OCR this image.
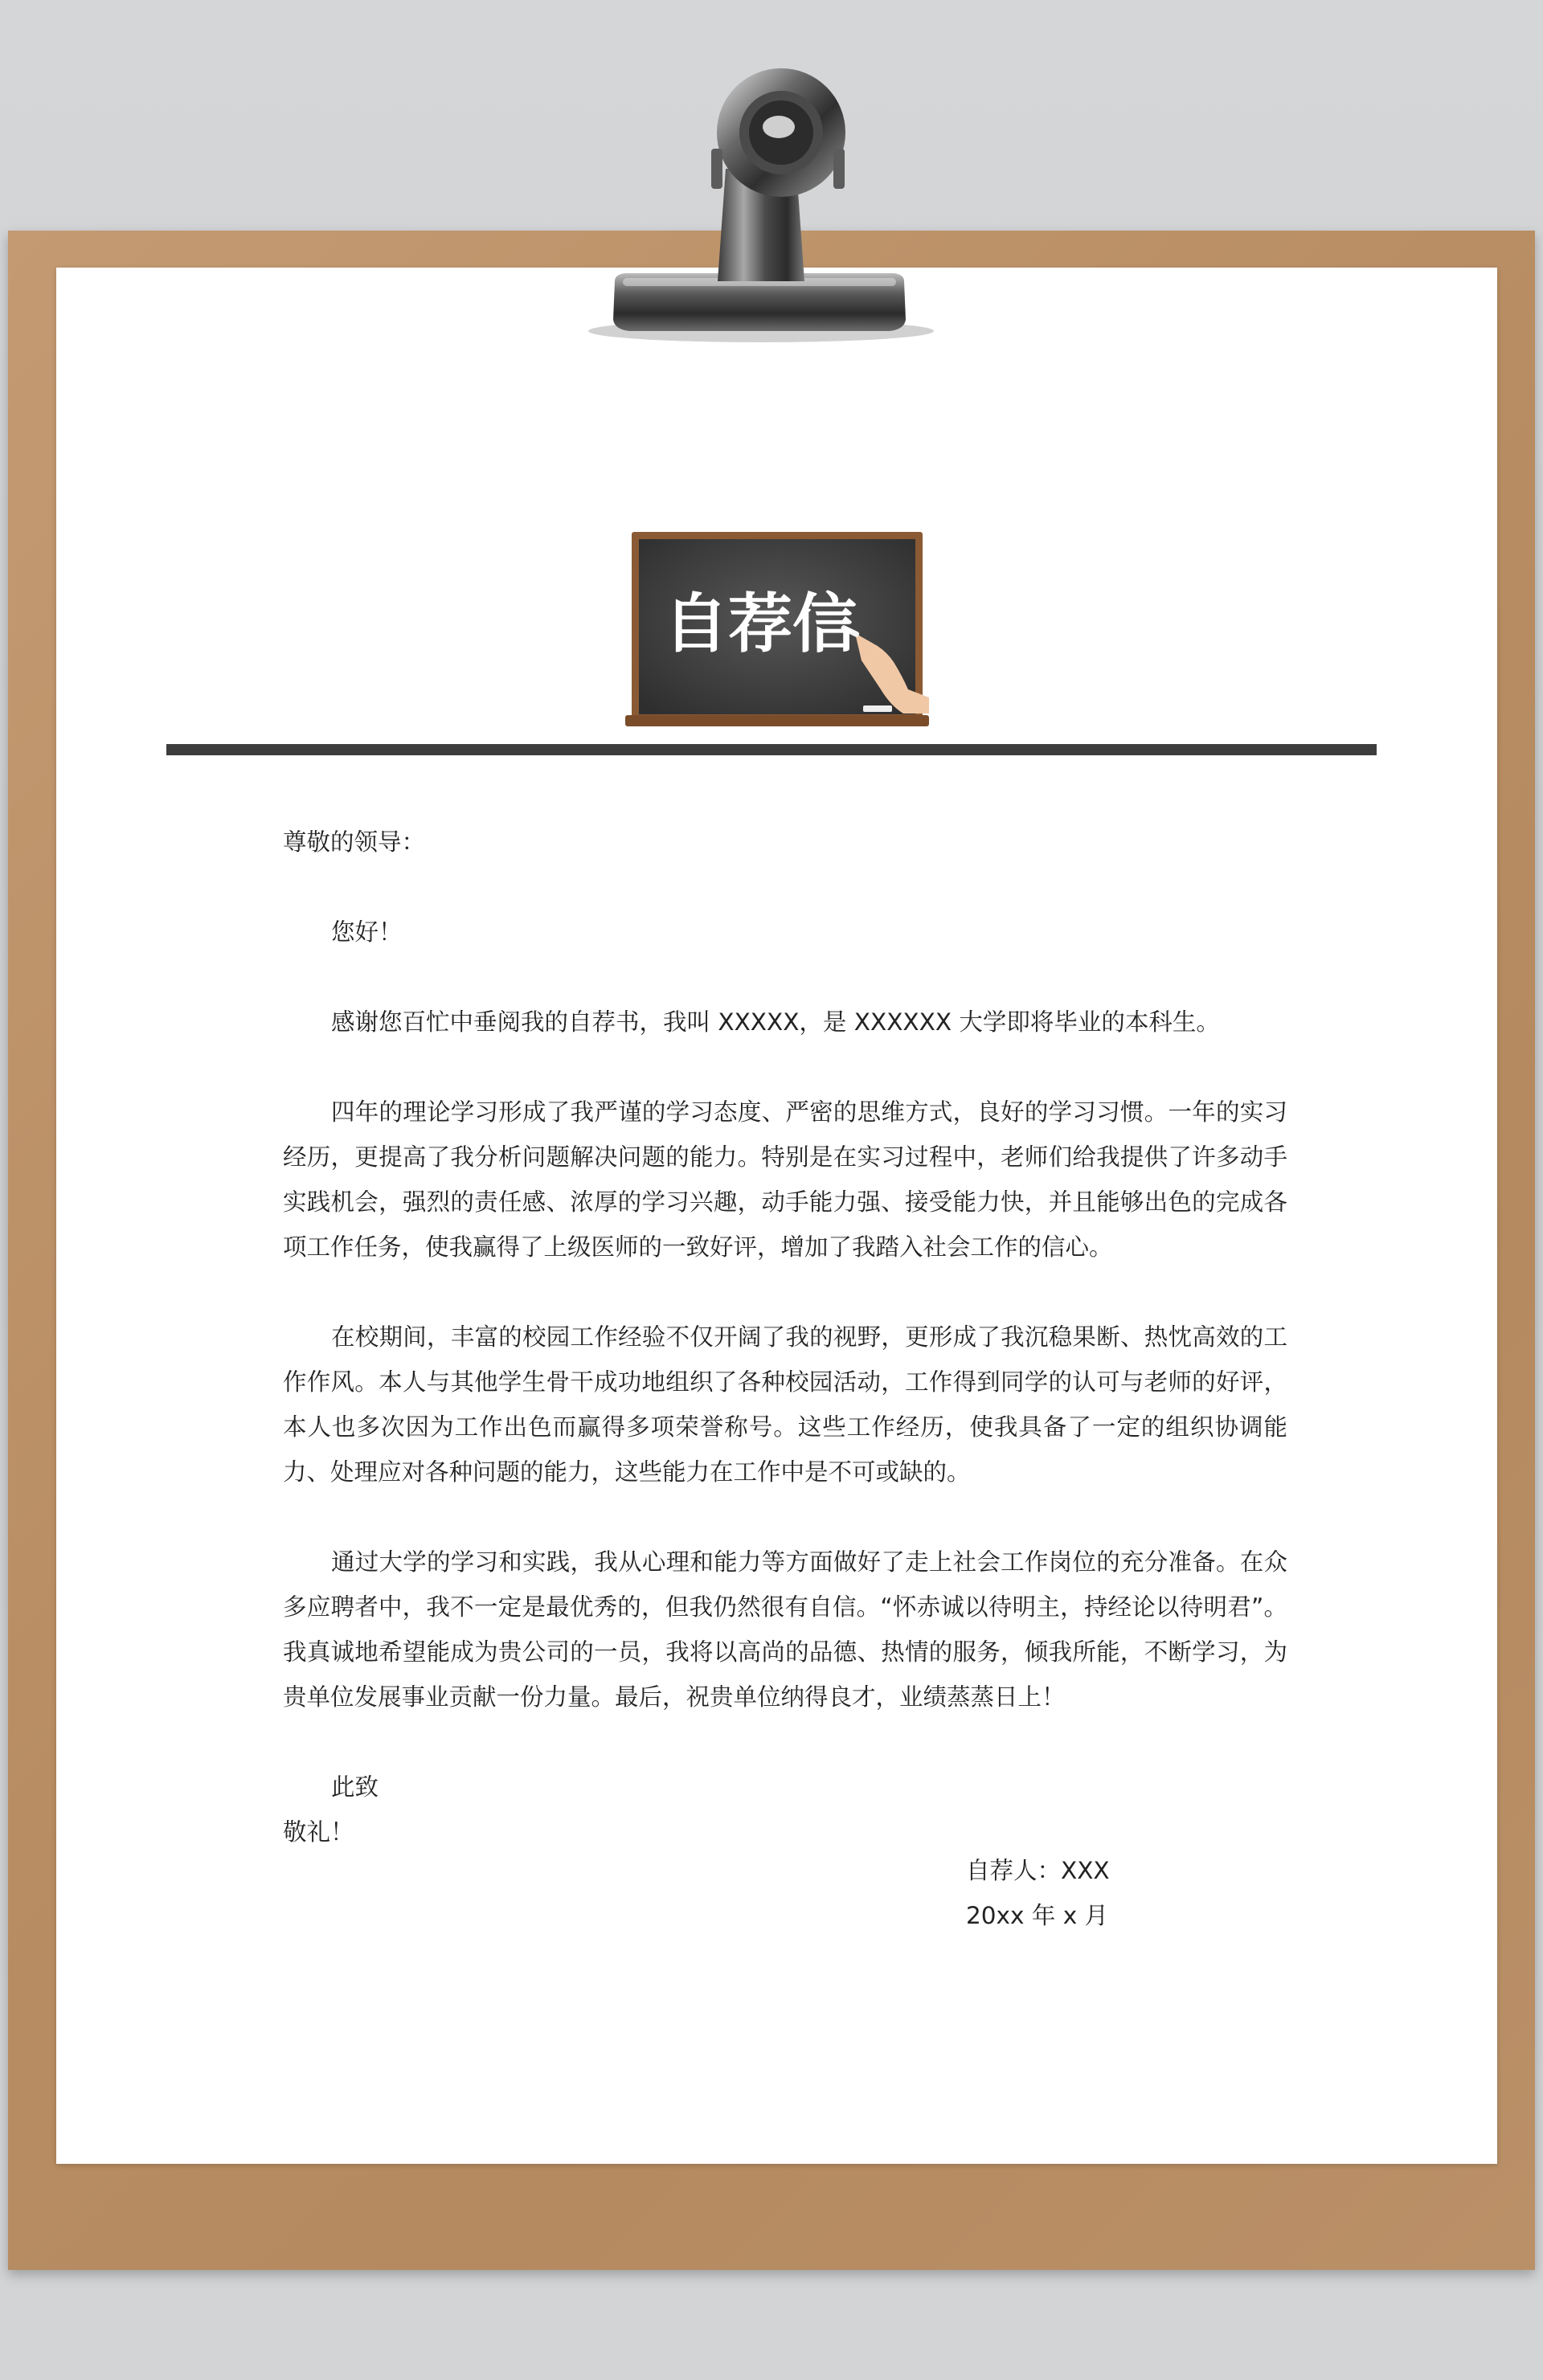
自荐信

尊敬的领导：

您好！

感谢您百忙中垂阅我的自荐书，我叫 XXXXX，是 XXXXXX 大学即将毕业的本科生。

四年的理论学习形成了我严谨的学习态度、严密的思维方式，良好的学习习惯。一年的实习经历，更提高了我分析问题解决问题的能力。特别是在实习过程中，老师们给我提供了许多动手实践机会，强烈的责任感、浓厚的学习兴趣，动手能力强、接受能力快，并且能够出色的完成各项工作任务，使我赢得了上级医师的一致好评，增加了我踏入社会工作的信心。

在校期间，丰富的校园工作经验不仅开阔了我的视野，更形成了我沉稳果断、热忱高效的工作作风。本人与其他学生骨干成功地组织了各种校园活动，工作得到同学的认可与老师的好评，本人也多次因为工作出色而赢得多项荣誉称号。这些工作经历，使我具备了一定的组织协调能力、处理应对各种问题的能力，这些能力在工作中是不可或缺的。

通过大学的学习和实践，我从心理和能力等方面做好了走上社会工作岗位的充分准备。在众多应聘者中，我不一定是最优秀的，但我仍然很有自信。“怀赤诚以待明主，持经论以待明君”。我真诚地希望能成为贵公司的一员，我将以高尚的品德、热情的服务，倾我所能，不断学习，为贵单位发展事业贡献一份力量。最后，祝贵单位纳得良才，业绩蒸蒸日上！

此致

敬礼！

自荐人：XXX
20xx 年 x 月
